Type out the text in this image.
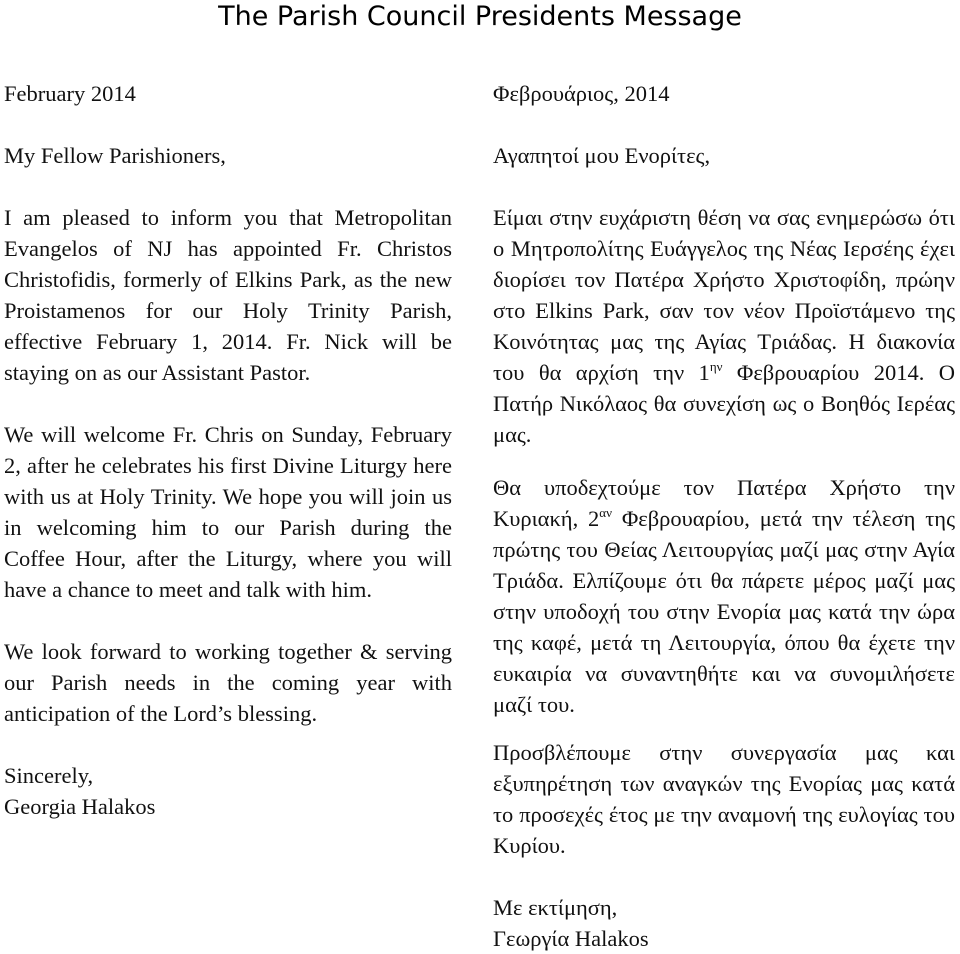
The Parish Council Presidents Message

February 2014

My Fellow Parishioners,

I am pleased to inform you that Metropolitan Evangelos of NJ has appointed Fr. Christos Christofidis, formerly of Elkins Park, as the new Proistamenos for our Holy Trinity Parish, effective February 1, 2014. Fr. Nick will be staying on as our Assistant Pastor.

We will welcome Fr. Chris on Sunday, February 2, after he celebrates his first Divine Liturgy here with us at Holy Trinity. We hope you will join us in welcoming him to our Parish during the Coffee Hour, after the Liturgy, where you will have a chance to meet and talk with him.

We look forward to working together & serving our Parish needs in the coming year with anticipation of the Lord’s blessing.

Sincerely,

Georgia Halakos

Φεβρουάριος, 2014

Αγαπητοί μου Ενορίτες,

Είμαι στην ευχάριστη θέση να σας ενημερώσω ότι ο Μητροπολίτης Ευάγγελος της Νέας Ιερσέης έχει διορίσει τον Πατέρα Χρήστο Χριστοφίδη, πρώην στο Elkins Park, σαν τον νέον Προϊστάμενο της Κοινότητας μας της Αγίας Τριάδας. Η διακονία του θα αρχίση την $1^{\eta\nu}$ Φεβρουαρίου 2014. Ο Πατήρ Νικόλαος θα συνεχίση ως ο Βοηθός Ιερέας μας.

Θα υποδεχτούμε τον Πατέρα Χρήστο την Κυριακή, $2^{\alpha\nu}$ Φεβρουαρίου, μετά την τέλεση της πρώτης του Θείας Λειτουργίας μαζί μας στην Αγία Τριάδα. Ελπίζουμε ότι θα πάρετε μέρος μαζί μας στην υποδοχή του στην Ενορία μας κατά την ώρα της καφέ, μετά τη Λειτουργία, όπου θα έχετε την ευκαιρία να συναντηθήτε και να συνομιλήσετε μαζί του.

Προσβλέπουμε στην συνεργασία μας και εξυπηρέτηση των αναγκών της Ενορίας μας κατά το προσεχές έτος με την αναμονή της ευλογίας του Κυρίου.

Με εκτίμηση,

Γεωργία Halakos
